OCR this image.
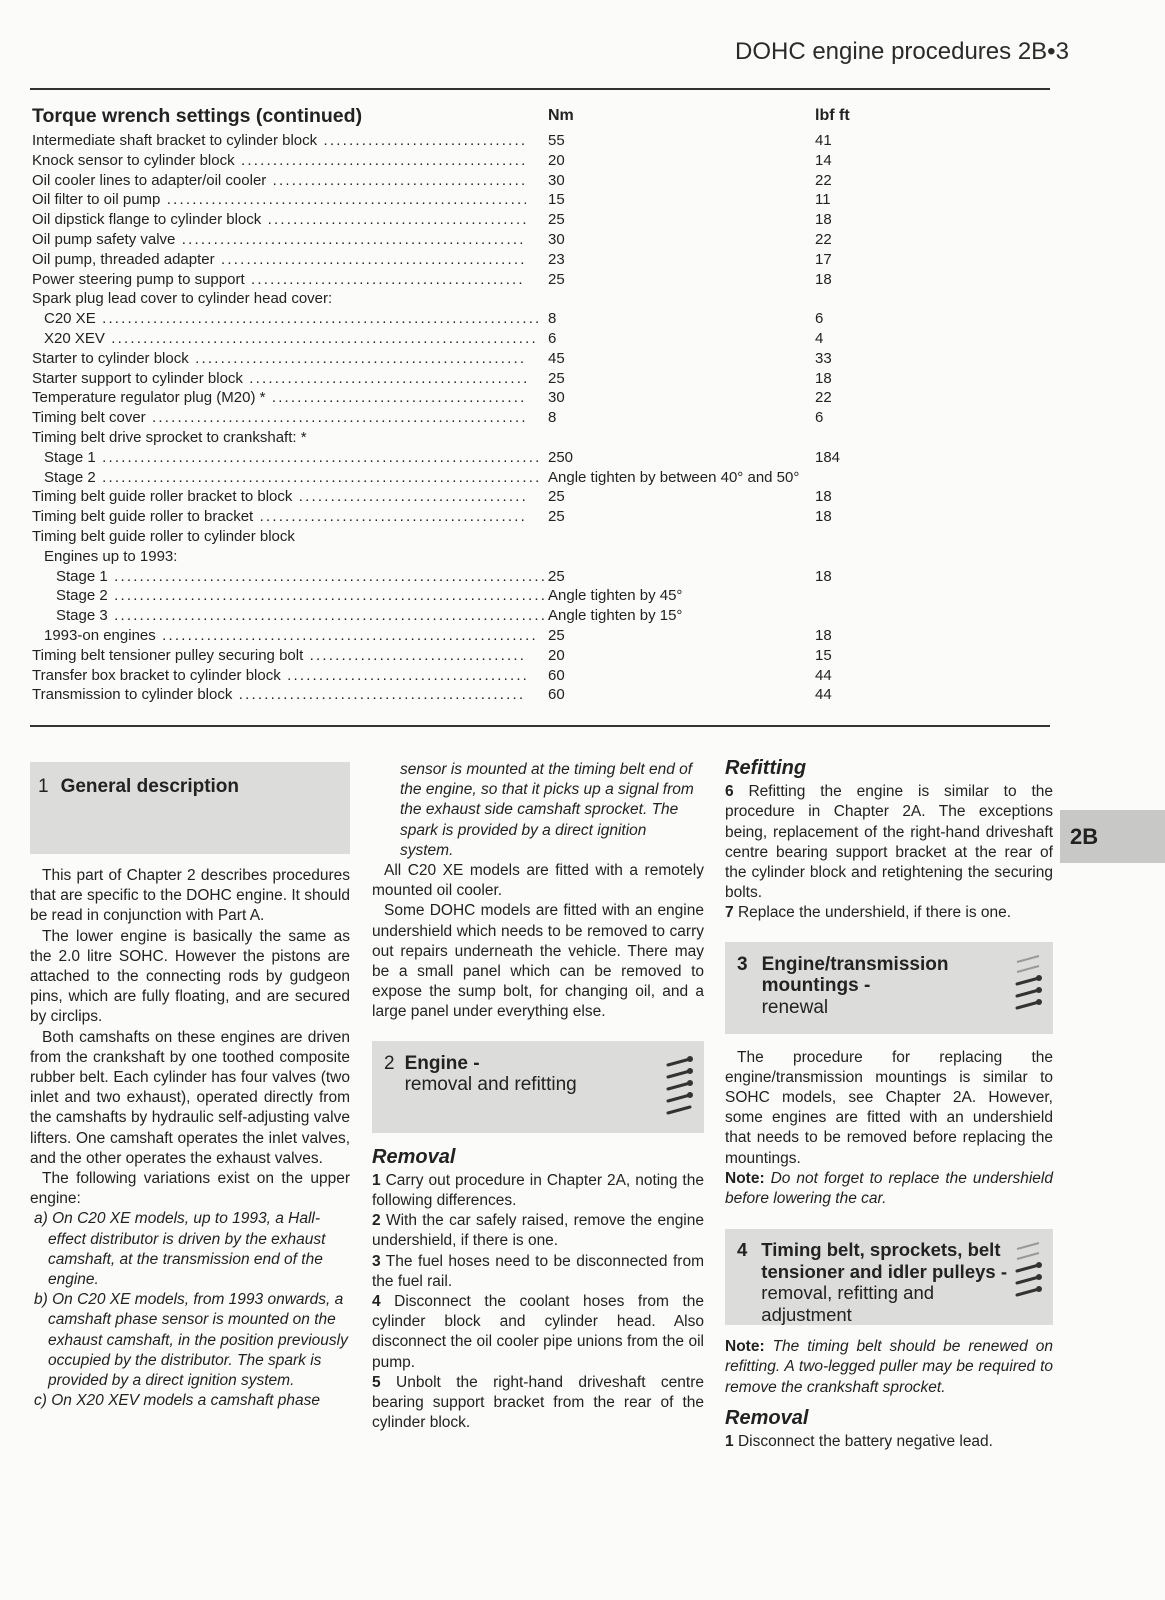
DOHC engine procedures 2B•3
Torque wrench settings (continued)	Nm	lbf ft
Intermediate shaft bracket to cylinder block .....	55	41
Knock sensor to cylinder block .....	20	14
Oil cooler lines to adapter/oil cooler .....	30	22
Oil filter to oil pump .....	15	11
Oil dipstick flange to cylinder block .....	25	18
Oil pump safety valve .....	30	22
Oil pump, threaded adapter .....	23	17
Power steering pump to support .....	25	18
Spark plug lead cover to cylinder head cover:
C20 XE .....	8	6
X20 XEV .....	6	4
Starter to cylinder block .....	45	33
Starter support to cylinder block .....	25	18
Temperature regulator plug (M20) * .....	30	22
Timing belt cover .....	8	6
Timing belt drive sprocket to crankshaft: *
Stage 1 .....	250	184
Stage 2 .....	Angle tighten by between 40° and 50°
Timing belt guide roller bracket to block .....	25	18
Timing belt guide roller to bracket .....	25	18
Timing belt guide roller to cylinder block
Engines up to 1993:
Stage 1 .....	25	18
Stage 2 .....	Angle tighten by 45°
Stage 3 .....	Angle tighten by 15°
1993-on engines .....	25	18
Timing belt tensioner pulley securing bolt .....	20	15
Transfer box bracket to cylinder block .....	60	44
Transmission to cylinder block .....	60	44
1 General description

This part of Chapter 2 describes procedures that are specific to the DOHC engine. It should be read in conjunction with Part A.

The lower engine is basically the same as the 2.0 litre SOHC. However the pistons are attached to the connecting rods by gudgeon pins, which are fully floating, and are secured by circlips.

Both camshafts on these engines are driven from the crankshaft by one toothed composite rubber belt. Each cylinder has four valves (two inlet and two exhaust), operated directly from the camshafts by hydraulic self-adjusting valve lifters. One camshaft operates the inlet valves, and the other operates the exhaust valves.

The following variations exist on the upper engine:

a) On C20 XE models, up to 1993, a Hall-effect distributor is driven by the exhaust camshaft, at the transmission end of the engine.

b) On C20 XE models, from 1993 onwards, a camshaft phase sensor is mounted on the exhaust camshaft, in the position previously occupied by the distributor. The spark is provided by a direct ignition system.

c) On X20 XEV models a camshaft phase

sensor is mounted at the timing belt end of the engine, so that it picks up a signal from the exhaust side camshaft sprocket. The spark is provided by a direct ignition system.

All C20 XE models are fitted with a remotely mounted oil cooler.

Some DOHC models are fitted with an engine undershield which needs to be removed to carry out repairs underneath the vehicle. There may be a small panel which can be removed to expose the sump bolt, for changing oil, and a large panel under everything else.

2 Engine -
removal and refitting
Removal

1 Carry out procedure in Chapter 2A, noting the following differences.

2 With the car safely raised, remove the engine undershield, if there is one.

3 The fuel hoses need to be disconnected from the fuel rail.

4 Disconnect the coolant hoses from the cylinder block and cylinder head. Also disconnect the oil cooler pipe unions from the oil pump.

5 Unbolt the right-hand driveshaft centre bearing support bracket from the rear of the cylinder block.

Refitting

6 Refitting the engine is similar to the procedure in Chapter 2A. The exceptions being, replacement of the right-hand driveshaft centre bearing support bracket at the rear of the cylinder block and retightening the securing bolts.

7 Replace the undershield, if there is one.

3 Engine/transmission mountings -
renewal

The procedure for replacing the engine/transmission mountings is similar to SOHC models, see Chapter 2A. However, some engines are fitted with an undershield that needs to be removed before replacing the mountings.

Note: Do not forget to replace the undershield before lowering the car.

4 Timing belt, sprockets, belt tensioner and idler pulleys -
removal, refitting and adjustment

Note: The timing belt should be renewed on refitting. A two-legged puller may be required to remove the crankshaft sprocket.

Removal

1 Disconnect the battery negative lead.

2B
